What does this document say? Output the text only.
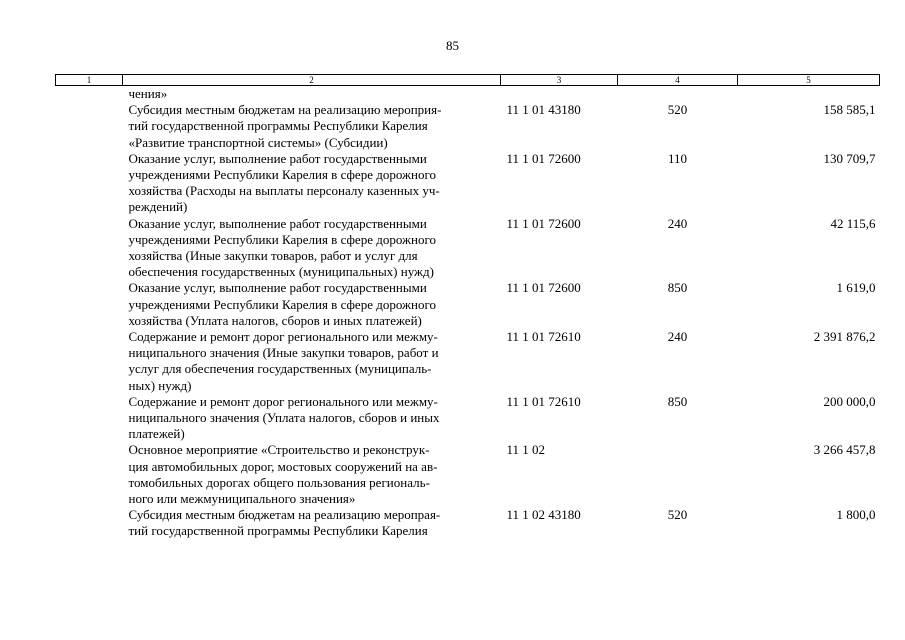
85
1	2	3	4	5

	чения»			

	Субсидия местным бюджетам на реализацию мероприя-
тий государственной программы Республики Карелия
«Развитие транспортной системы» (Субсидии)	11 1 01 43180	520	158 585,1

	Оказание услуг, выполнение работ государственными
учреждениями Республики Карелия в сфере дорожного
хозяйства (Расходы на выплаты персоналу казенных уч-
реждений)	11 1 01 72600	110	130 709,7

	Оказание услуг, выполнение работ государственными
учреждениями Республики Карелия в сфере дорожного
хозяйства (Иные закупки товаров, работ и услуг для
обеспечения государственных (муниципальных) нужд)	11 1 01 72600	240	42 115,6

	Оказание услуг, выполнение работ государственными
учреждениями Республики Карелия в сфере дорожного
хозяйства (Уплата налогов, сборов и иных платежей)	11 1 01 72600	850	1 619,0

	Содержание и ремонт дорог регионального или межму-
ниципального значения (Иные закупки товаров, работ и
услуг для обеспечения государственных (муниципаль-
ных) нужд)	11 1 01 72610	240	2 391 876,2

	Содержание и ремонт дорог регионального или межму-
ниципального значения (Уплата налогов, сборов и иных
платежей)	11 1 01 72610	850	200 000,0

	Основное мероприятие «Строительство и реконструк-
ция автомобильных дорог, мостовых сооружений на ав-
томобильных дорогах общего пользования региональ-
ного или межмуниципального значения»	11 1 02		3 266 457,8

	Субсидия местным бюджетам на реализацию меропрая-
тий государственной программы Республики Карелия	11 1 02 43180	520	1 800,0
